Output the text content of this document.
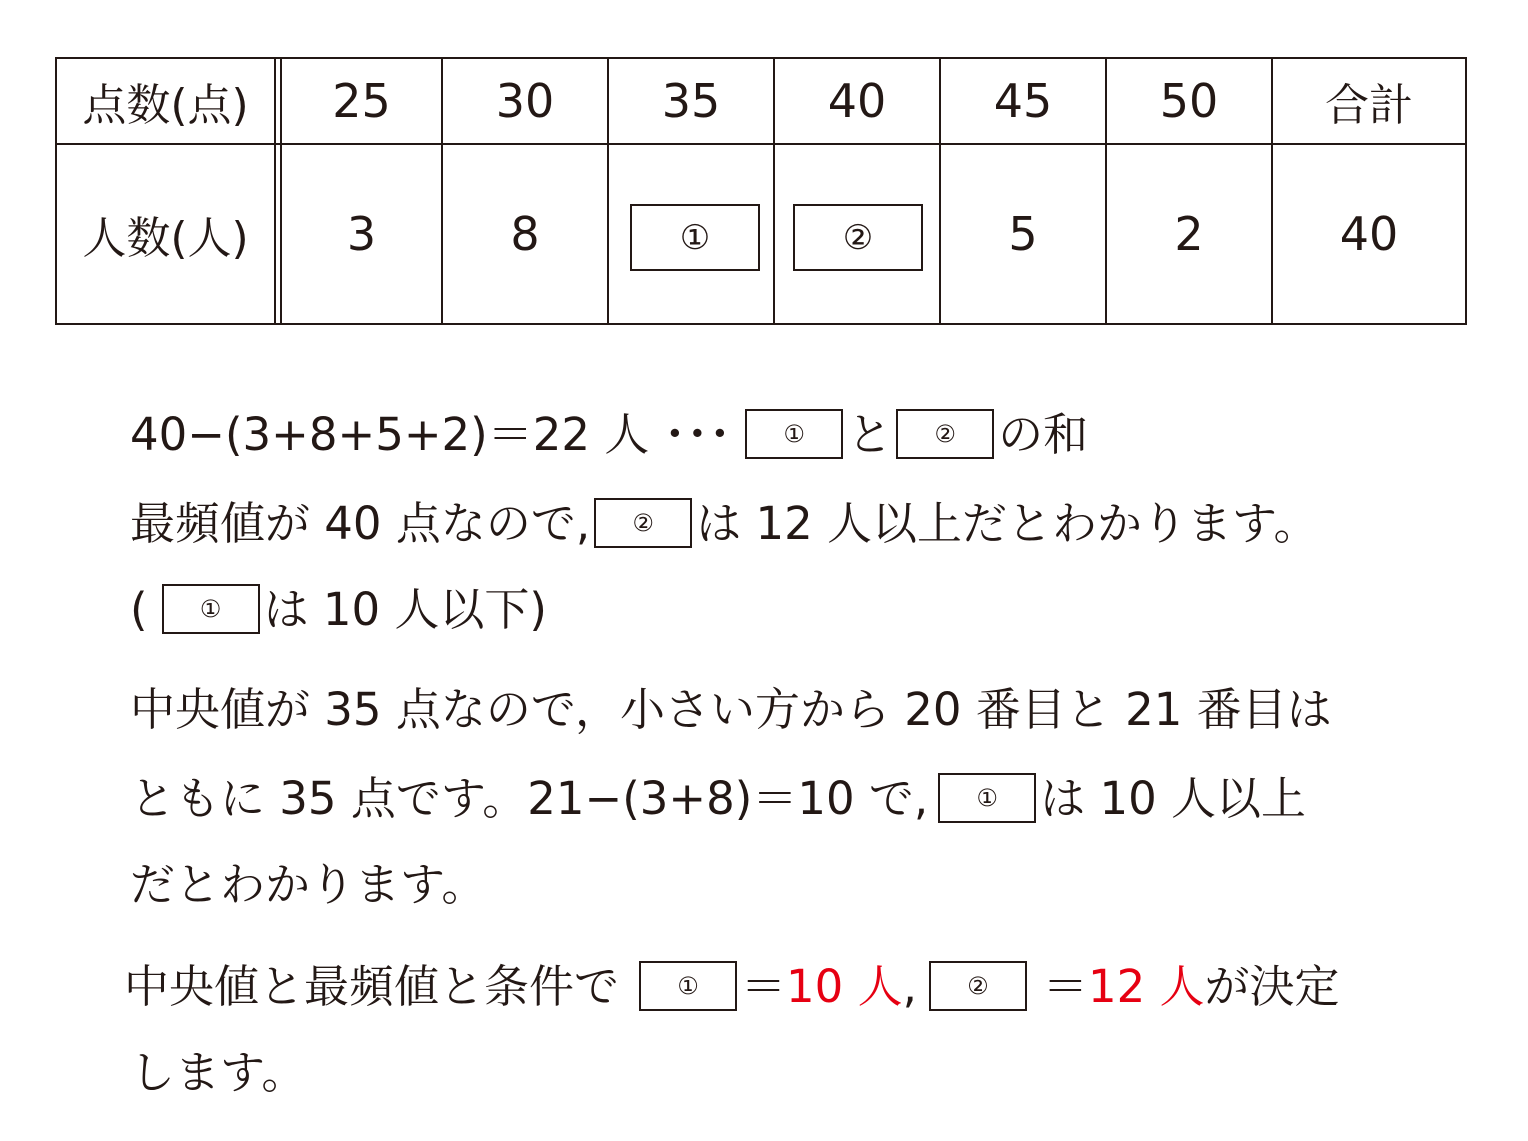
点数(点)	25	30	35	40	45	50	合計
人数(人)	3	8	①	②	5	2	40
40−(3+8+5+2)＝22 人 ･･･	① と	② の和
最頻値が 40 点なので,	② は 12 人以上だとわかります。
(	① は 10 人以下)
中央値が 35 点なので，小さい方から 20 番目と 21 番目は
ともに 35 点です。21−(3+8)＝10 で,	① は 10 人以上
だとわかります。
中央値と最頻値と条件で	① ＝ 10 人 ,	②	＝ 12 人 が決定
します。
